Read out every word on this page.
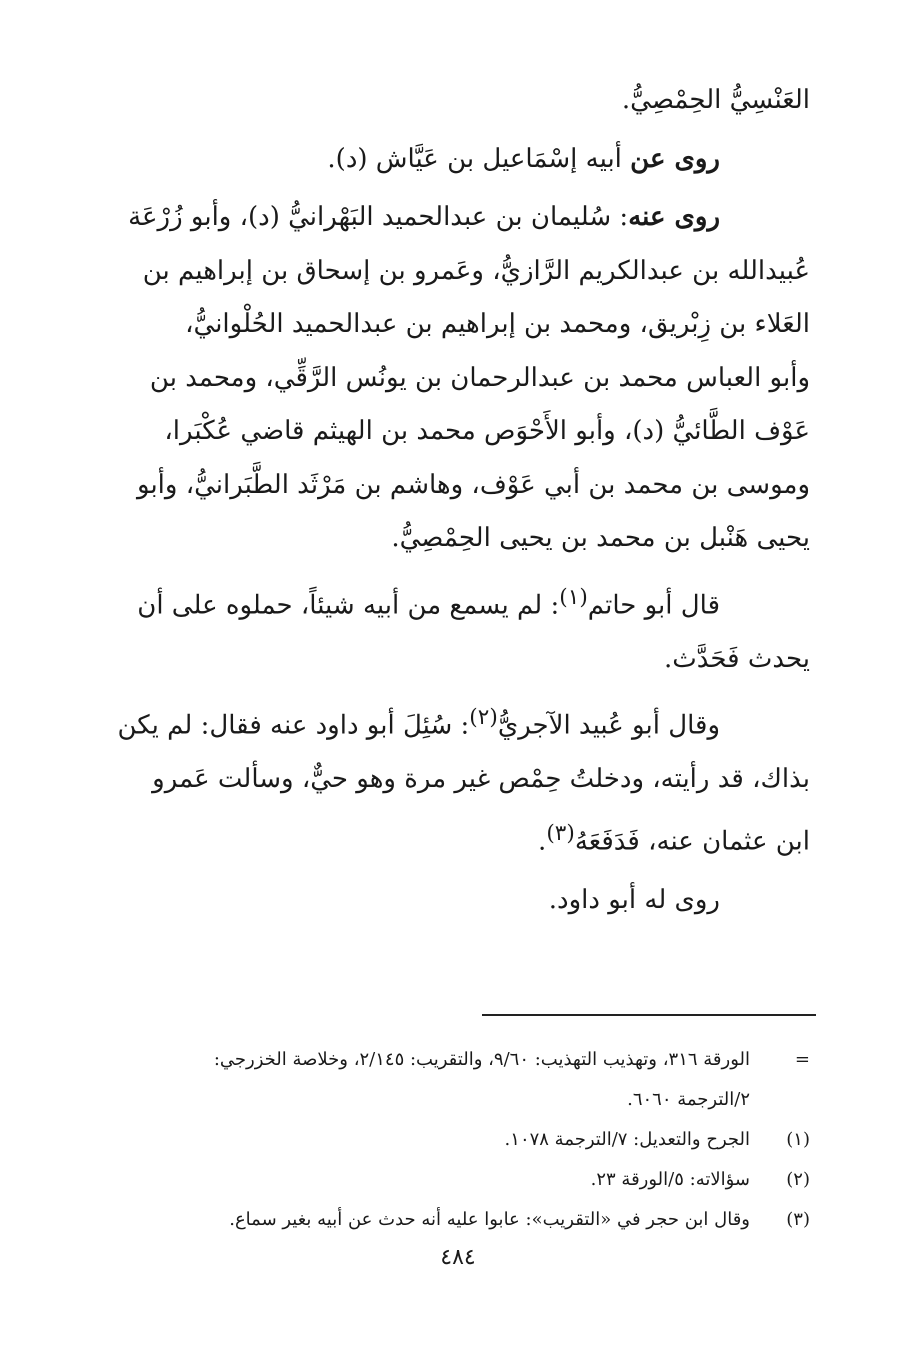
العَنْسِيُّ الحِمْصِيُّ.

روى عن أبيه إسْمَاعيل بن عَيَّاش (د).

روى عنه: سُليمان بن عبدالحميد البَهْرانيُّ (د)، وأبو زُرْعَة
عُبيدالله بن عبدالكريم الرَّازيُّ، وعَمرو بن إسحاق بن إبراهيم بن
العَلاء بن زِبْريق، ومحمد بن إبراهيم بن عبدالحميد الحُلْوانيُّ،
وأبو العباس محمد بن عبدالرحمان بن يونُس الرَّقِّي، ومحمد بن
عَوْف الطَّائيُّ (د)، وأبو الأَحْوَص محمد بن الهيثم قاضي عُكْبَرا،
وموسى بن محمد بن أبي عَوْف، وهاشم بن مَرْثَد الطَّبَرانيُّ، وأبو
يحيى هَنْبل بن محمد بن يحيى الحِمْصِيُّ.

قال أبو حاتم$^{(١)}$: لم يسمع من أبيه شيئاً، حملوه على أن
يحدث فَحَدَّث.

وقال أبو عُبيد الآجريُّ$^{(٢)}$: سُئِلَ أبو داود عنه فقال: لم يكن
بذاك، قد رأيته، ودخلتُ حِمْص غير مرة وهو حيٌّ، وسألت عَمرو
ابن عثمان عنه، فَدَفَعَهُ$^{(٣)}$.

روى له أبو داود.

=
الورقة ٣١٦، وتهذيب التهذيب: ٩/٦٠، والتقريب: ٢/١٤٥، وخلاصة الخزرجي:
٢/الترجمة ٦٠٦٠.
(١)
الجرح والتعديل: ٧/الترجمة ١٠٧٨.
(٢)
سؤالاته: ٥/الورقة ٢٣.
(٣)
وقال ابن حجر في «التقريب»: عابوا عليه أنه حدث عن أبيه بغير سماع.
٤٨٤
